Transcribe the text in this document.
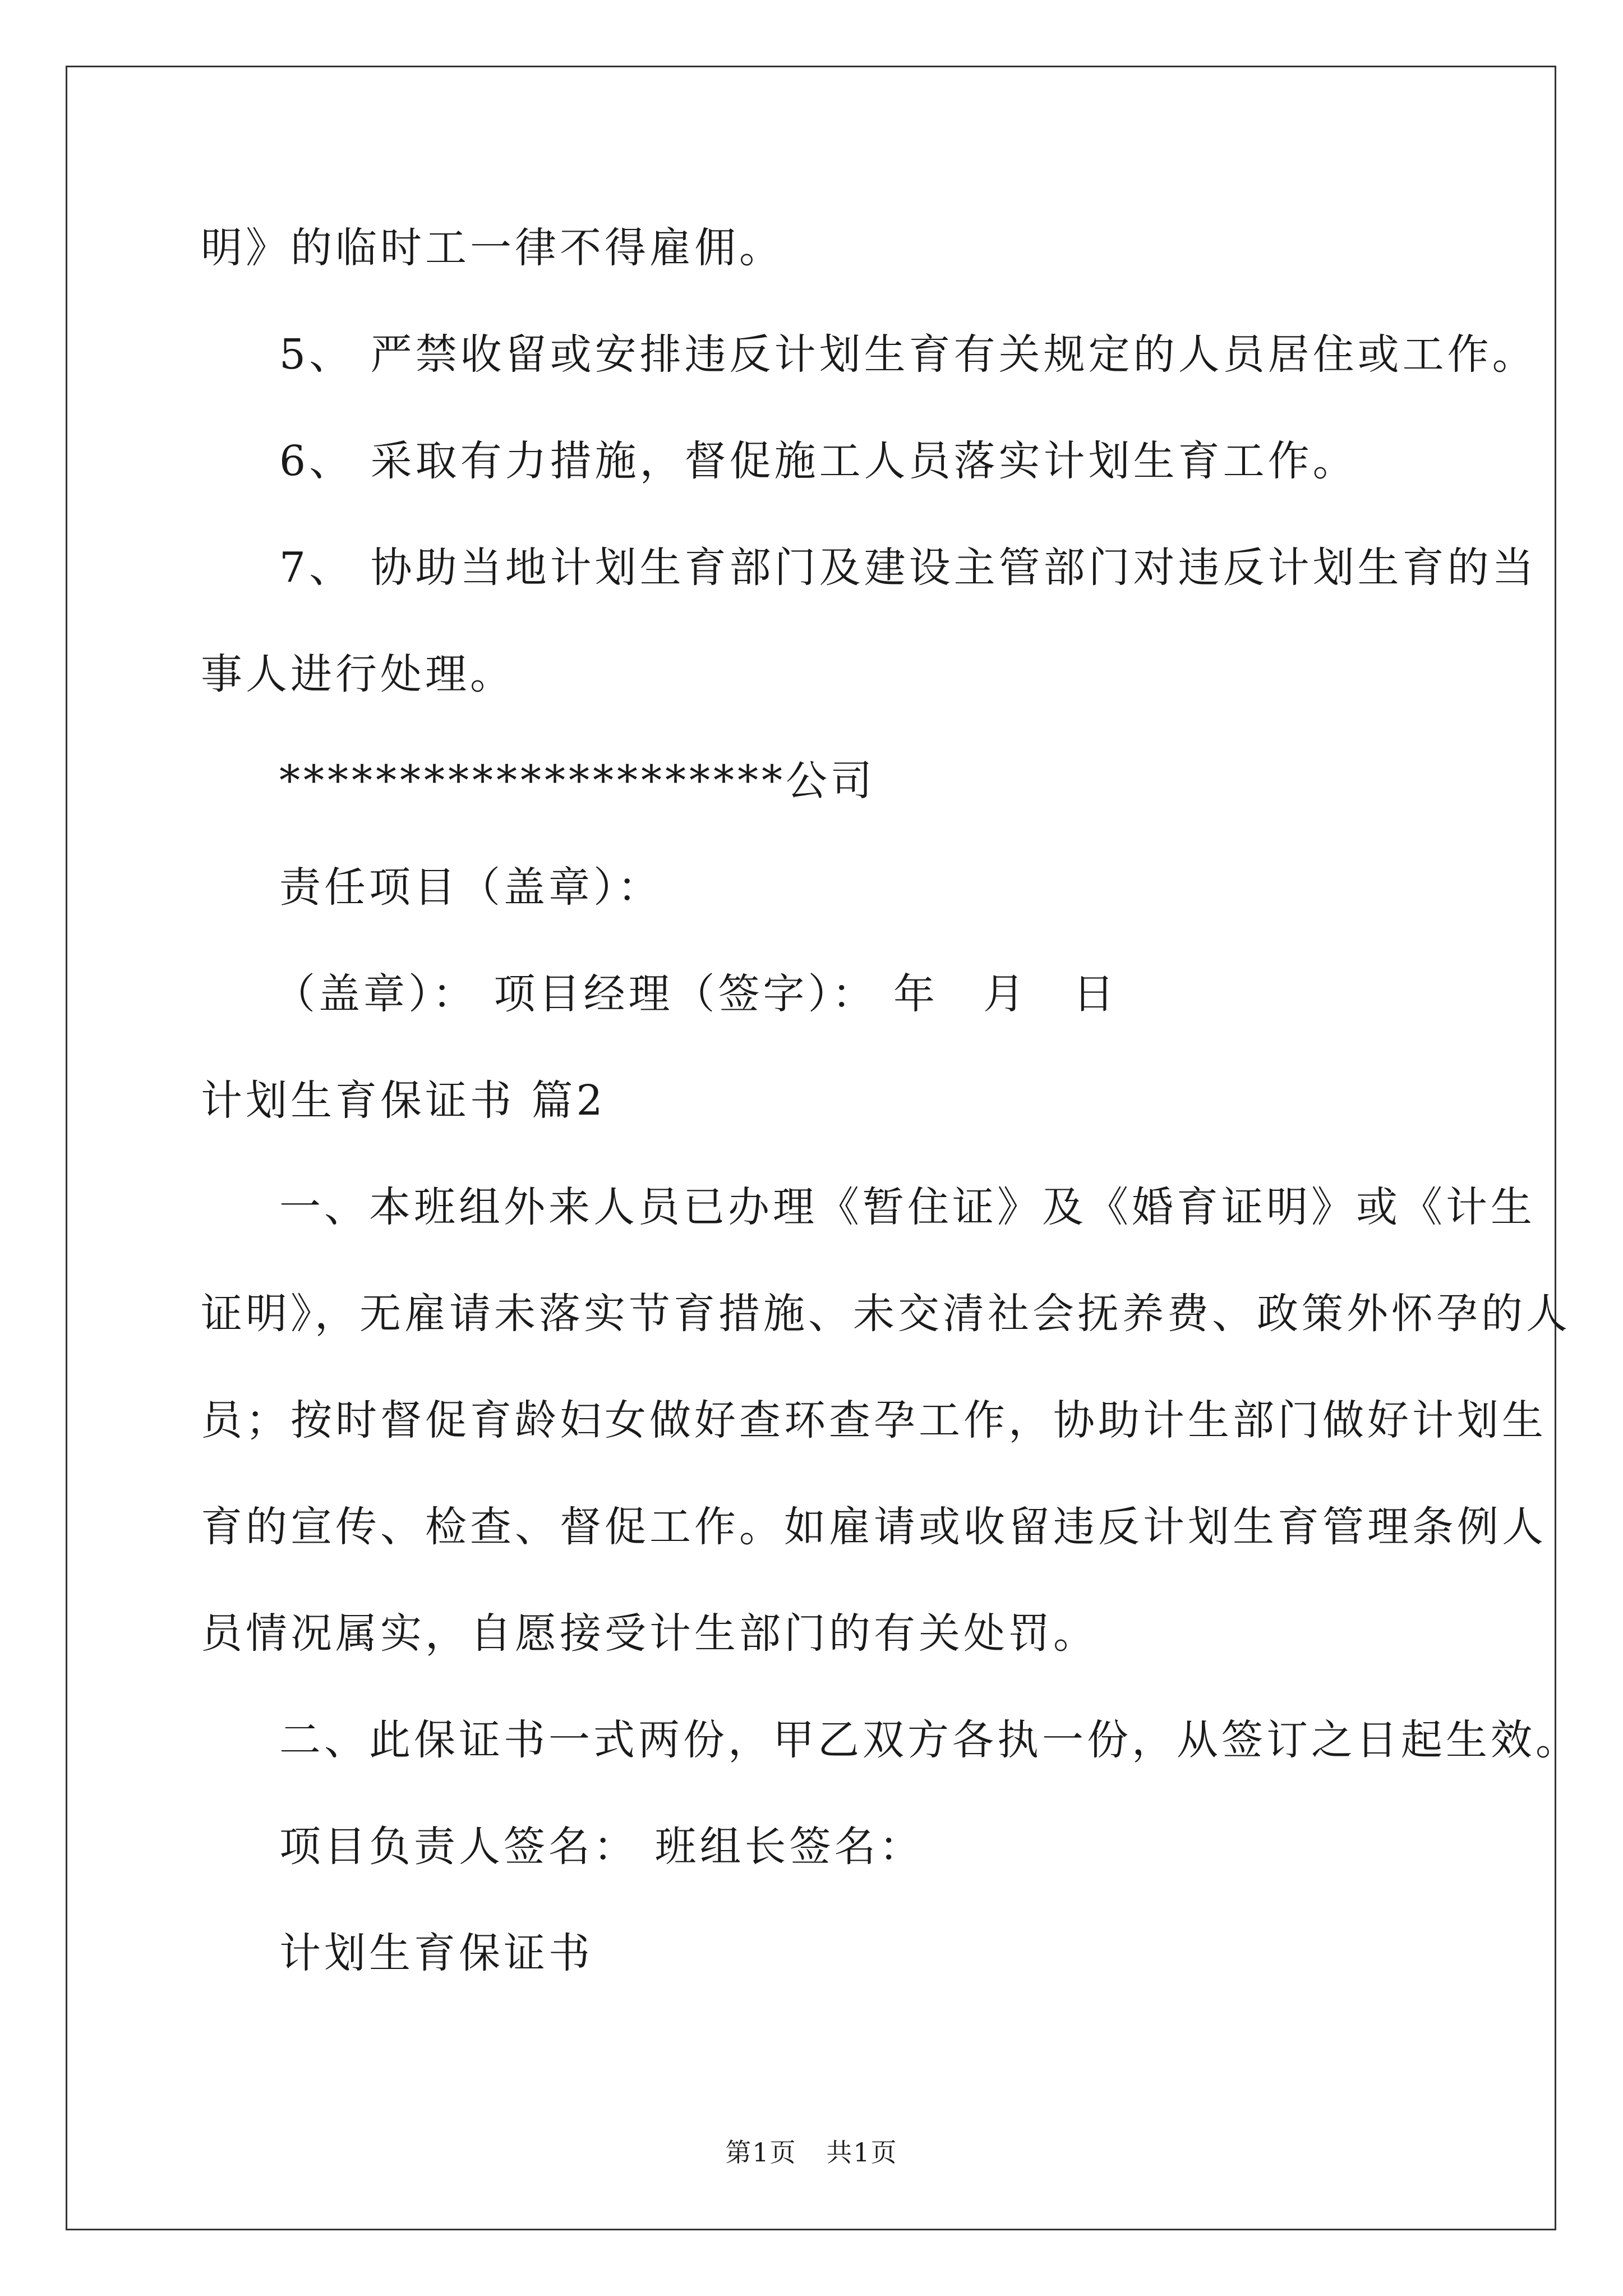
明》的临时工一律不得雇佣。
5、 严禁收留或安排违反计划生育有关规定的人员居住或工作。
6、 采取有力措施，督促施工人员落实计划生育工作。
7、 协助当地计划生育部门及建设主管部门对违反计划生育的当
事人进行处理。
*********************公司
责任项目（盖章）：
（盖章）： 项目经理（签字）： 年　月　日
计划生育保证书 篇2
一、本班组外来人员已办理《暂住证》及《婚育证明》或《计生
证明》，无雇请未落实节育措施、未交清社会抚养费、政策外怀孕的人
员；按时督促育龄妇女做好查环查孕工作，协助计生部门做好计划生
育的宣传、检查、督促工作。如雇请或收留违反计划生育管理条例人
员情况属实，自愿接受计生部门的有关处罚。
二、此保证书一式两份，甲乙双方各执一份，从签订之日起生效。
项目负责人签名： 班组长签名：
计划生育保证书
第1页 共1页
